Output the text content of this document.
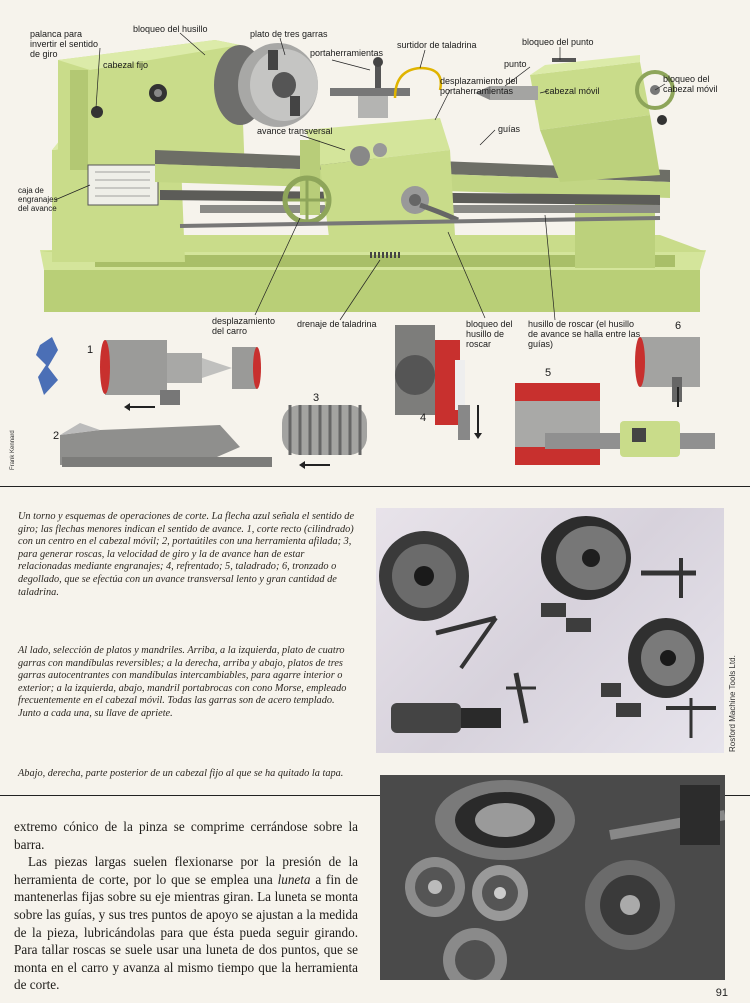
palanca para invertir el sentido de giro
bloqueo del husillo	plato de tres garras
portaherramientas
surtidor de taladrina	bloqueo del punto
cabezal fijo	punto
desplazamiento del portaherramientas	cabezal móvil
bloqueo del cabezal móvil
avance transversal	guías
caja de engranajes del avance
desplazamiento del carro
drenaje de taladrina	bloqueo del husillo de roscar
husillo de roscar (el husillo de avance se halla entre las guías)
1
2
3
4
5
6
Frank Kennard
Un torno y esquemas de operaciones de corte. La flecha azul señala el sentido de giro; las flechas menores indican el sentido de avance. 1, corte recto (cilindrado) con un centro en el cabezal móvil; 2, portaútiles con una herramienta afilada; 3, para generar roscas, la velocidad de giro y la de avance han de estar relacionadas mediante engranajes; 4, refrentado; 5, taladrado; 6, tronzado o degollado, que se efectúa con un avance transversal lento y gran cantidad de taladrina.
Al lado, selección de platos y mandriles. Arriba, a la izquierda, plato de cuatro garras con mandíbulas reversibles; a la derecha, arriba y abajo, platos de tres garras autocentrantes con mandíbulas intercambiables, para agarre interior o exterior; a la izquierda, abajo, mandril portabrocas con cono Morse, empleado frecuentemente en el cabezal móvil. Todas las garras son de acero templado. Junto a cada una, su llave de apriete.
Abajo, derecha, parte posterior de un cabezal fijo al que se ha quitado la tapa.
Rosford Machine Tools Ltd.

extremo cónico de la pinza se comprime cerrándose sobre la barra.

Las piezas largas suelen flexionarse por la presión de la herramienta de corte, por lo que se emplea una luneta a fin de mantenerlas fijas sobre su eje mientras giran. La luneta se monta sobre las guías, y sus tres puntos de apoyo se ajustan a la medida de la pieza, lubricándolas para que ésta pueda seguir girando. Para tallar roscas se suele usar una luneta de dos puntos, que se monta en el carro y avanza al mismo tiempo que la herramienta de corte.

91
